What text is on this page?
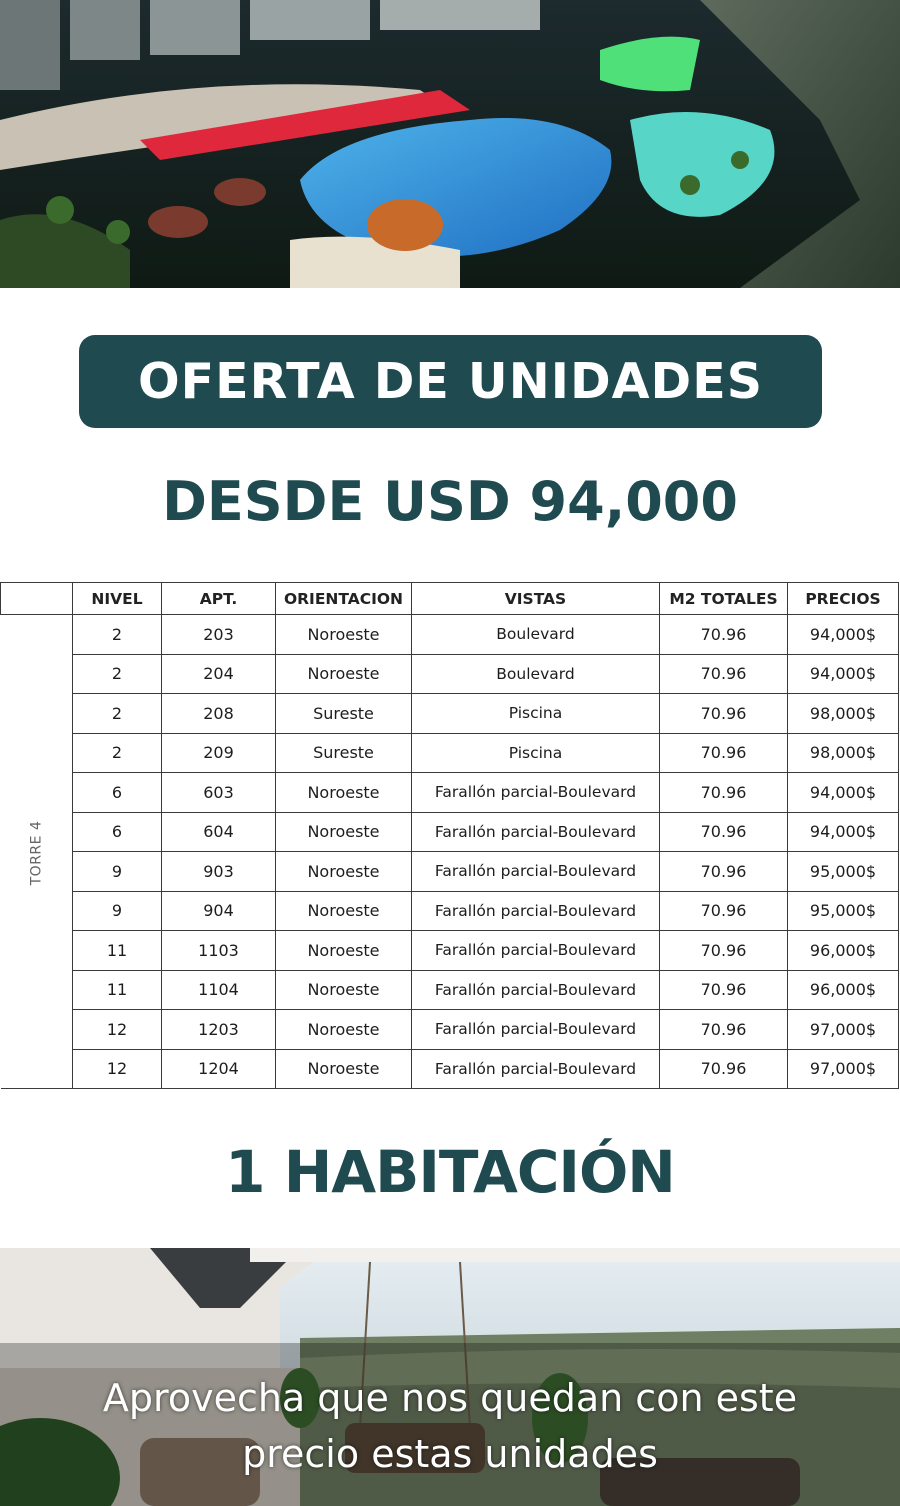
OFERTA DE UNIDADES
DESDE USD 94,000
	NIVEL	APT.	ORIENTACION	VISTAS	M2 TOTALES	PRECIOS
TORRE 4	2	203	Noroeste	Boulevard	70.96	94,000$
	2	204	Noroeste	Boulevard	70.96	94,000$
	2	208	Sureste	Piscina	70.96	98,000$
	2	209	Sureste	Piscina	70.96	98,000$
	6	603	Noroeste	Farallón parcial-Boulevard	70.96	94,000$
	6	604	Noroeste	Farallón parcial-Boulevard	70.96	94,000$
	9	903	Noroeste	Farallón parcial-Boulevard	70.96	95,000$
	9	904	Noroeste	Farallón parcial-Boulevard	70.96	95,000$
	11	1103	Noroeste	Farallón parcial-Boulevard	70.96	96,000$
	11	1104	Noroeste	Farallón parcial-Boulevard	70.96	96,000$
	12	1203	Noroeste	Farallón parcial-Boulevard	70.96	97,000$
	12	1204	Noroeste	Farallón parcial-Boulevard	70.96	97,000$
1 HABITACIÓN
Aprovecha que nos quedan con este
precio estas unidades
